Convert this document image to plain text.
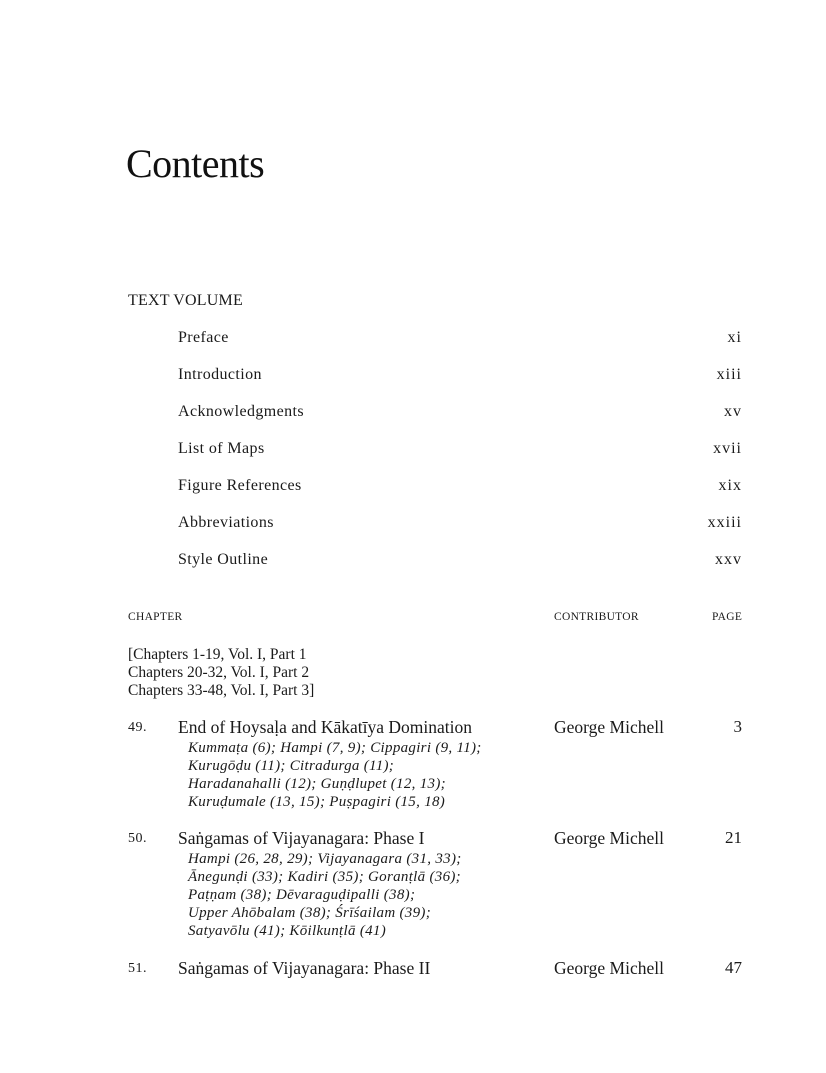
Contents
TEXT VOLUME
Preface	xi
Introduction	xiii
Acknowledgments	xv
List of Maps	xvii
Figure References	xix
Abbreviations	xxiii
Style Outline	xxv
CHAPTER	CONTRIBUTOR	PAGE
[Chapters 1-19, Vol. I, Part 1
Chapters 20-32, Vol. I, Part 2
Chapters 33-48, Vol. I, Part 3]
49. End of Hoysaḷa and Kākatīya Domination	George Michell	3
Kummaṭa (6); Hampi (7, 9); Cippagiri (9, 11);
Kurugōḍu (11); Citradurga (11);
Haradanahalli (12); Guṇḍlupet (12, 13);
Kuruḍumale (13, 15); Puṣpagiri (15, 18)
50. Saṅgamas of Vijayanagara: Phase I	George Michell	21
Hampi (26, 28, 29); Vijayanagara (31, 33);
Ānegunḍi (33); Kadiri (35); Goranṭlā (36);
Paṭṇam (38); Dēvaraguḍipalli (38);
Upper Ahōbalam (38); Śrīśailam (39);
Satyavōlu (41); Kōilkunṭlā (41)
51. Saṅgamas of Vijayanagara: Phase II	George Michell	47
